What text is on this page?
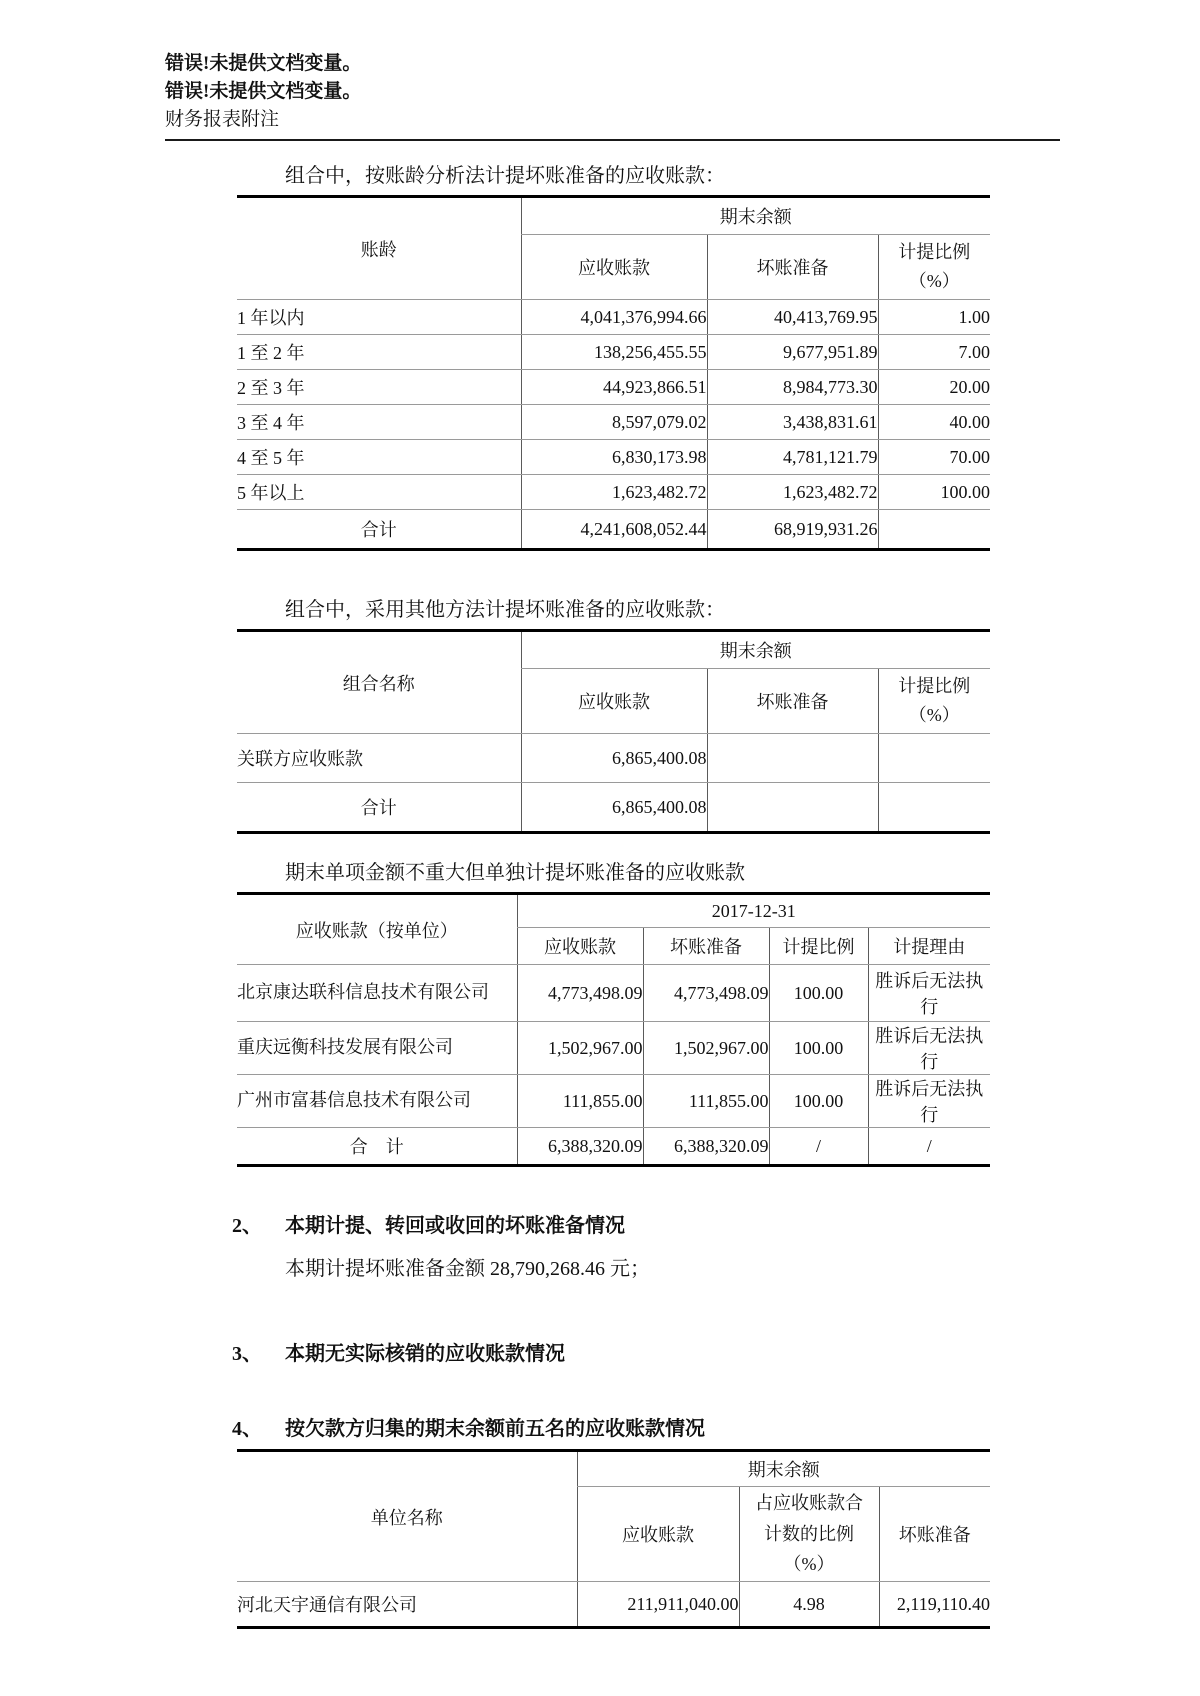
错误!未提供文档变量。
错误!未提供文档变量。
财务报表附注
组合中，按账龄分析法计提坏账准备的应收账款：
账龄	期末余额		
	应收账款	坏账准备	计提比例
（%）

1 年以内	4,041,376,994.66	40,413,769.95	1.00
1 至 2 年	138,256,455.55	9,677,951.89	7.00
2 至 3 年	44,923,866.51	8,984,773.30	20.00
3 至 4 年	8,597,079.02	3,438,831.61	40.00
4 至 5 年	6,830,173.98	4,781,121.79	70.00
5 年以上	1,623,482.72	1,623,482.72	100.00
合计	4,241,608,052.44	68,919,931.26	
组合中，采用其他方法计提坏账准备的应收账款：
组合名称	期末余额		
	应收账款	坏账准备	计提比例
（%）

关联方应收账款	6,865,400.08		
合计	6,865,400.08		
期末单项金额不重大但单独计提坏账准备的应收账款
应收账款（按单位）	2017-12-31			
	应收账款	坏账准备	计提比例	计提理由
北京康达联科信息技术有限公司	4,773,498.09	4,773,498.09	100.00	胜诉后无法执行
重庆远衡科技发展有限公司	1,502,967.00	1,502,967.00	100.00	胜诉后无法执行
广州市富碁信息技术有限公司	111,855.00	111,855.00	100.00	胜诉后无法执行
合　计	6,388,320.09	6,388,320.09	/	/
2、	本期计提、转回或收回的坏账准备情况
本期计提坏账准备金额 28,790,268.46 元；
3、	本期无实际核销的应收账款情况
4、	按欠款方归集的期末余额前五名的应收账款情况
单位名称	期末余额		
	应收账款	占应收账款合
计数的比例
（%）	坏账准备
河北天宇通信有限公司	211,911,040.00	4.98	2,119,110.40
